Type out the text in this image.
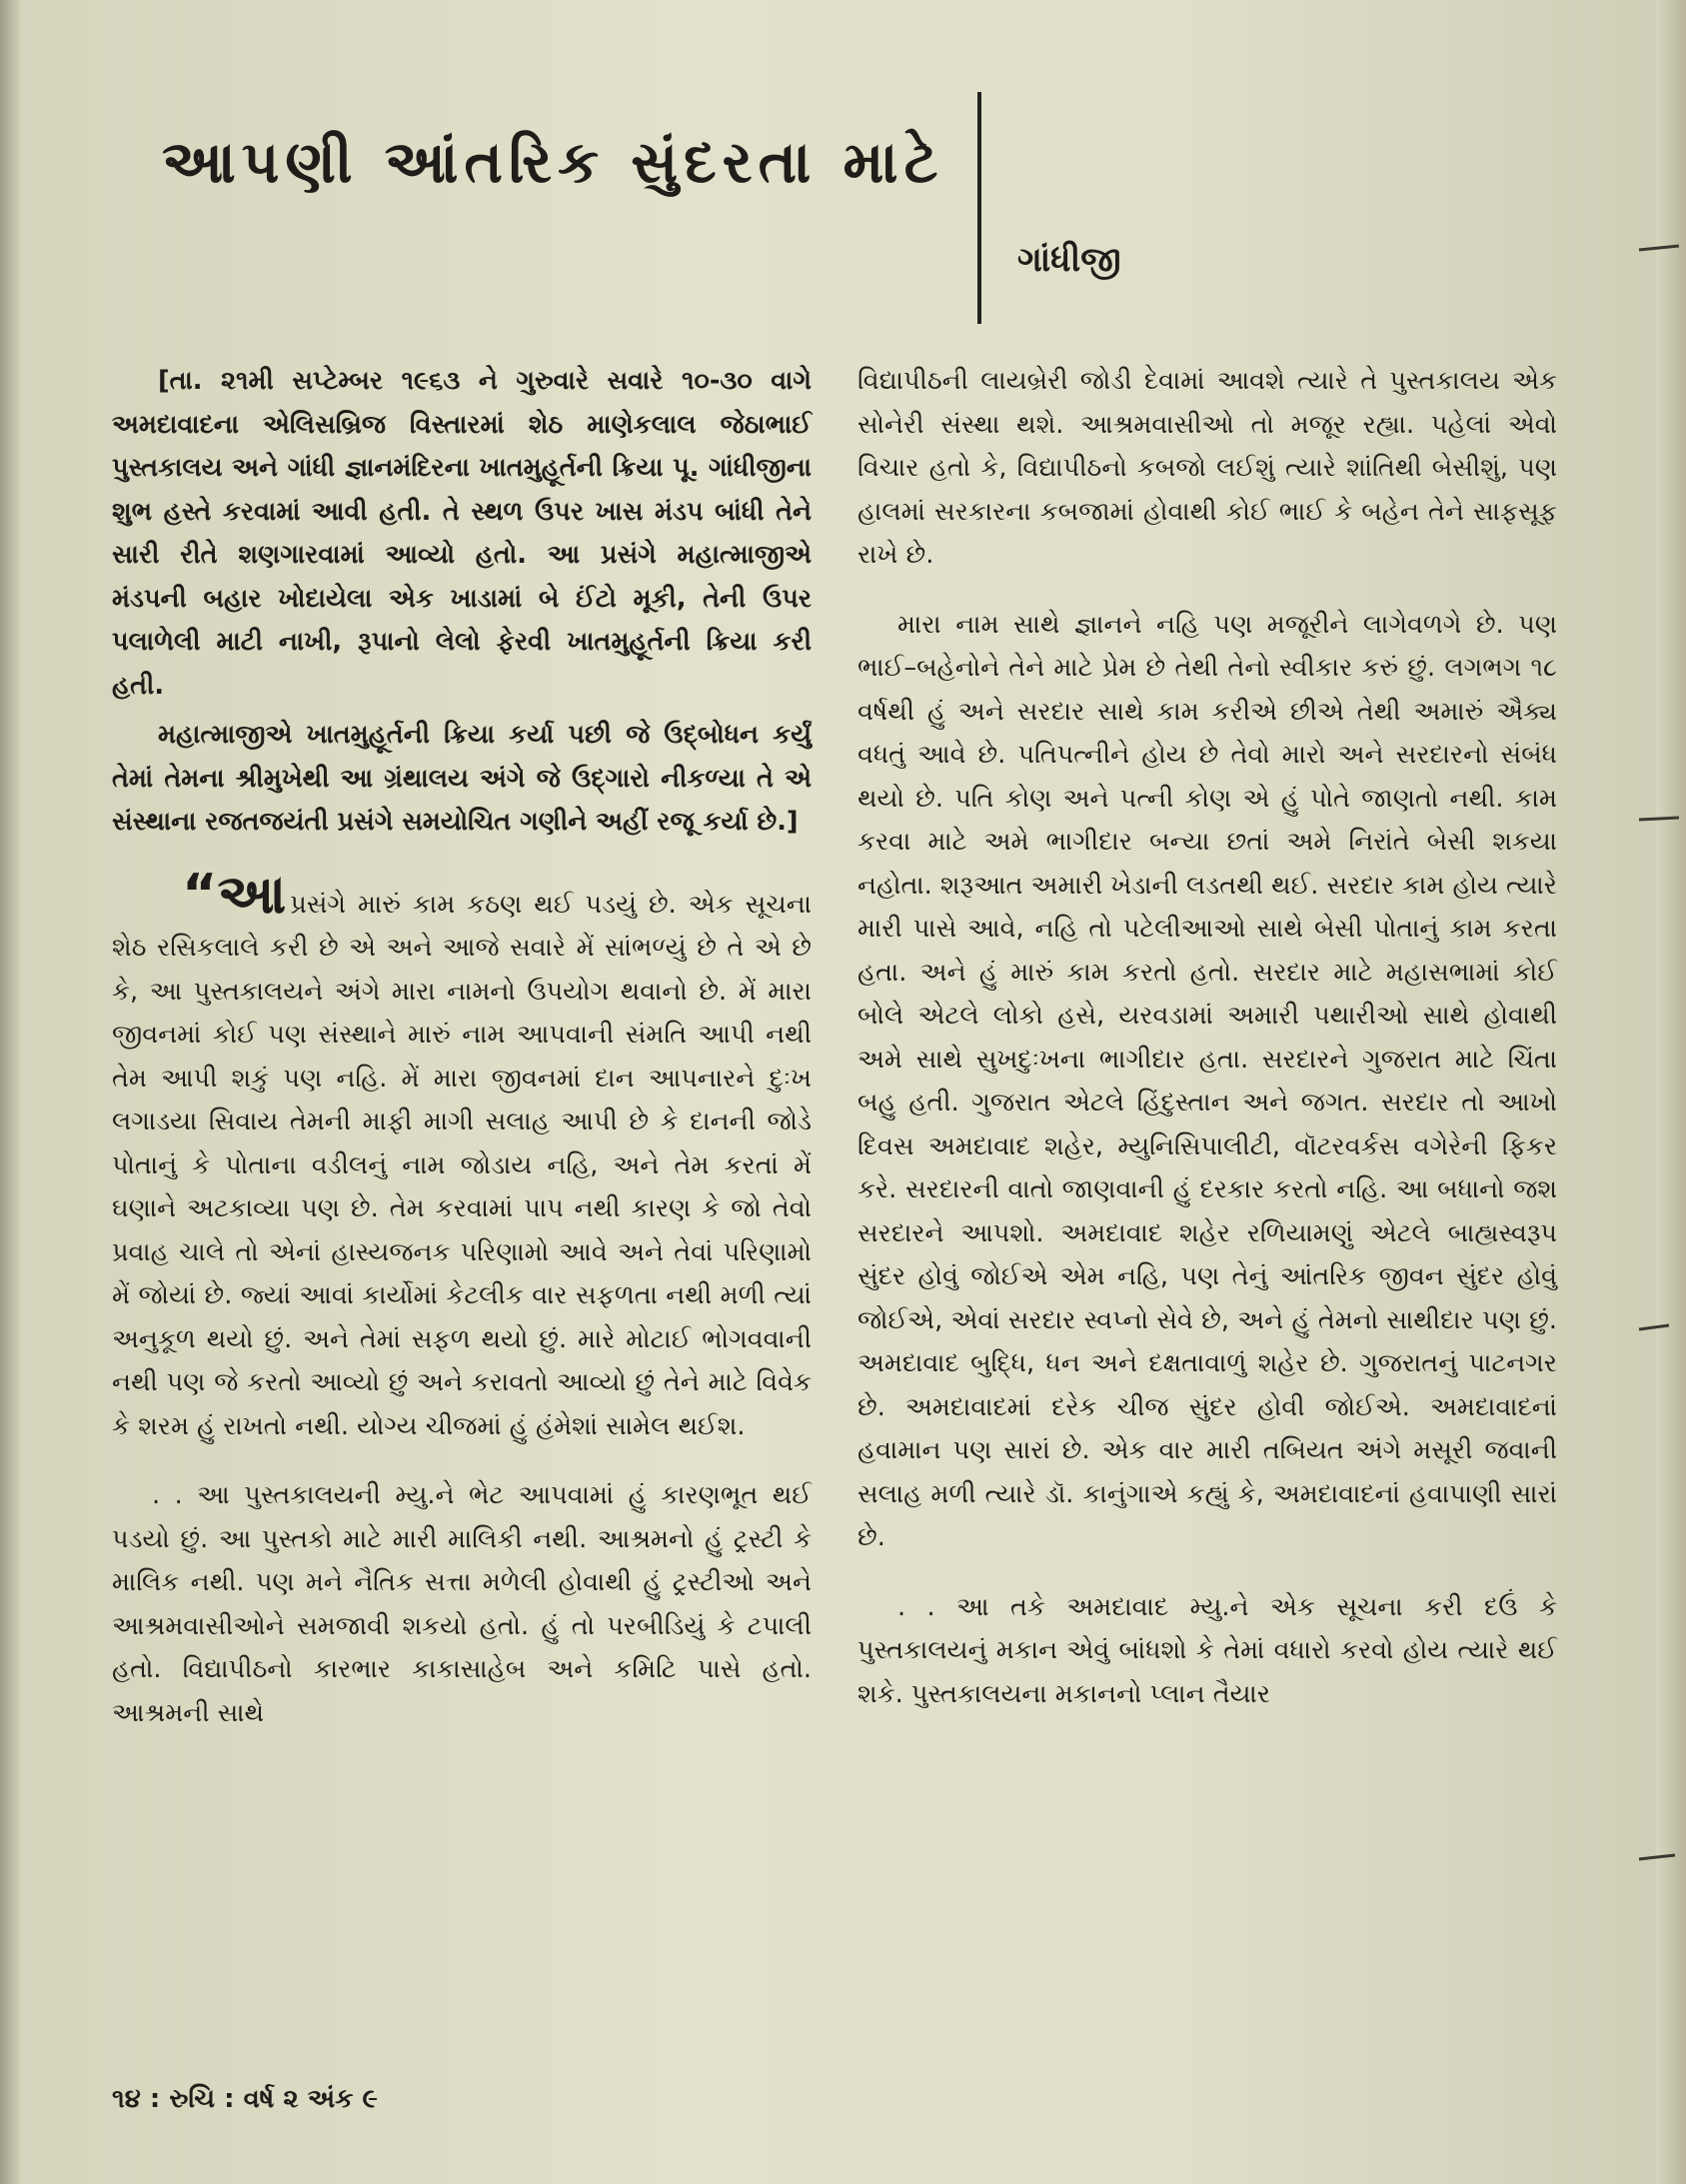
આપણી આંતરિક સુંદરતા માટે
ગાંધીજી

[તા. ૨૧મી સપ્ટેમ્બર ૧૯૬૩ ને ગુરુવારે સવારે ૧૦-૩૦ વાગે અમદાવાદના એલિસબ્રિજ વિસ્તારમાં શેઠ માણેકલાલ જેઠાભાઈ પુસ્તકાલય અને ગાંધી જ્ઞાનમંદિરના ખાતમુહૂર્તની ક્રિયા પૂ. ગાંધીજીના શુભ હસ્તે કરવામાં આવી હતી. તે સ્થળ ઉપર ખાસ મંડપ બાંધી તેને સારી રીતે શણગારવામાં આવ્યો હતો. આ પ્રસંગે મહાત્માજીએ મંડપની બહાર ખોદાયેલા એક ખાડામાં બે ઈંટો મૂકી, તેની ઉપર પલાળેલી માટી નાખી, રૂપાનો લેલો ફેરવી ખાતમુહૂર્તની ક્રિયા કરી હતી.

મહાત્માજીએ ખાતમુહૂર્તની ક્રિયા કર્યા પછી જે ઉદ્‌બોધન કર્યું તેમાં તેમના શ્રીમુખેથી આ ગ્રંથાલય અંગે જે ઉદ્‌ગારો નીકળ્યા તે એ સંસ્થાના રજતજયંતી પ્રસંગે સમયોચિત ગણીને અહીં રજૂ કર્યા છે.]

“આપ્રસંગે મારું કામ કઠણ થઈ પડયું છે. એક સૂચના શેઠ રસિકલાલે કરી છે એ અને આજે સવારે મેં સાંભળ્યું છે તે એ છે કે, આ પુસ્તકાલયને અંગે મારા નામનો ઉપયોગ થવાનો છે. મેં મારા જીવનમાં કોઈ પણ સંસ્થાને મારું નામ આપવાની સંમતિ આપી નથી તેમ આપી શકું પણ નહિ. મેં મારા જીવનમાં દાન આપનારને દુઃખ લગાડયા સિવાય તેમની માફી માગી સલાહ આપી છે કે દાનની જોડે પોતાનું કે પોતાના વડીલનું નામ જોડાય નહિ, અને તેમ કરતાં મેં ઘણાને અટકાવ્યા પણ છે. તેમ કરવામાં પાપ નથી કારણ કે જો તેવો પ્રવાહ ચાલે તો એનાં હાસ્યજનક પરિણામો આવે અને તેવાં પરિણામો મેં જોયાં છે. જ્યાં આવાં કાર્યોમાં કેટલીક વાર સફળતા નથી મળી ત્યાં અનુકૂળ થયો છું. અને તેમાં સફળ થયો છું. મારે મોટાઈ ભોગવવાની નથી પણ જે કરતો આવ્યો છું અને કરાવતો આવ્યો છું તેને માટે વિવેક કે શરમ હું રાખતો નથી. યોગ્ય ચીજમાં હું હંમેશાં સામેલ થઈશ.

. . આ પુસ્તકાલયની મ્યુ.ને ભેટ આપવામાં હું કારણભૂત થઈ પડયો છું. આ પુસ્તકો માટે મારી માલિકી નથી. આશ્રમનો હું ટ્રસ્ટી કે માલિક નથી. પણ મને નૈતિક સત્તા મળેલી હોવાથી હું ટ્રસ્ટીઓ અને આશ્રમવાસીઓને સમજાવી શકયો હતો. હું તો પરબીડિયું કે ટપાલી હતો. વિદ્યાપીઠનો કારભાર કાકાસાહેબ અને કમિટિ પાસે હતો. આશ્રમની સાથે

વિદ્યાપીઠની લાયબ્રેરી જોડી દેવામાં આવશે ત્યારે તે પુસ્તકાલય એક સોનેરી સંસ્થા થશે. આશ્રમવાસીઓ તો મજૂર રહ્યા. પહેલાં એવો વિચાર હતો કે, વિદ્યાપીઠનો કબજો લઈશું ત્યારે શાંતિથી બેસીશું, પણ હાલમાં સરકારના કબજામાં હોવાથી કોઈ ભાઈ કે બહેન તેને સાફસૂફ રાખે છે.

મારા નામ સાથે જ્ઞાનને નહિ પણ મજૂરીને લાગેવળગે છે. પણ ભાઈ–બહેનોને તેને માટે પ્રેમ છે તેથી તેનો સ્વીકાર કરું છું. લગભગ ૧૮ વર્ષથી હું અને સરદાર સાથે કામ કરીએ છીએ તેથી અમારું ઐક્ય વધતું આવે છે. પતિપત્નીને હોય છે તેવો મારો અને સરદારનો સંબંધ થયો છે. પતિ કોણ અને પત્ની કોણ એ હું પોતે જાણતો નથી. કામ કરવા માટે અમે ભાગીદાર બન્યા છતાં અમે નિરાંતે બેસી શકયા નહોતા. શરૂઆત અમારી ખેડાની લડતથી થઈ. સરદાર કામ હોય ત્યારે મારી પાસે આવે, નહિ તો પટેલીઆઓ સાથે બેસી પોતાનું કામ કરતા હતા. અને હું મારું કામ કરતો હતો. સરદાર માટે મહાસભામાં કોઈ બોલે એટલે લોકો હસે, યરવડામાં અમારી પથારીઓ સાથે હોવાથી અમે સાથે સુખદુઃખના ભાગીદાર હતા. સરદારને ગુજરાત માટે ચિંતા બહુ હતી. ગુજરાત એટલે હિંદુસ્તાન અને જગત. સરદાર તો આખો દિવસ અમદાવાદ શહેર, મ્યુનિસિપાલીટી, વૉટરવર્કસ વગેરેની ફિકર કરે. સરદારની વાતો જાણવાની હું દરકાર કરતો નહિ. આ બધાનો જશ સરદારને આપશો. અમદાવાદ શહેર રળિયામણું એટલે બાહ્યસ્વરૂપ સુંદર હોવું જોઈએ એમ નહિ, પણ તેનું આંતરિક જીવન સુંદર હોવું જોઈએ, એવાં સરદાર સ્વપ્નો સેવે છે, અને હું તેમનો સાથીદાર પણ છું. અમદાવાદ બુદ્ધિ, ધન અને દક્ષતાવાળું શહેર છે. ગુજરાતનું પાટનગર છે. અમદાવાદમાં દરેક ચીજ સુંદર હોવી જોઈએ. અમદાવાદનાં હવામાન પણ સારાં છે. એક વાર મારી તબિયત અંગે મસૂરી જવાની સલાહ મળી ત્યારે ડૉ. કાનુંગાએ કહ્યું કે, અમદાવાદનાં હવાપાણી સારાં છે.

. . આ તકે અમદાવાદ મ્યુ.ને એક સૂચના કરી દઉં કે પુસ્તકાલયનું મકાન એવું બાંધશો કે તેમાં વધારો કરવો હોય ત્યારે થઈ શકે. પુસ્તકાલયના મકાનનો પ્લાન તૈયાર

૧૪ : રુચિ : વર્ષ ૨ અંક ૯
